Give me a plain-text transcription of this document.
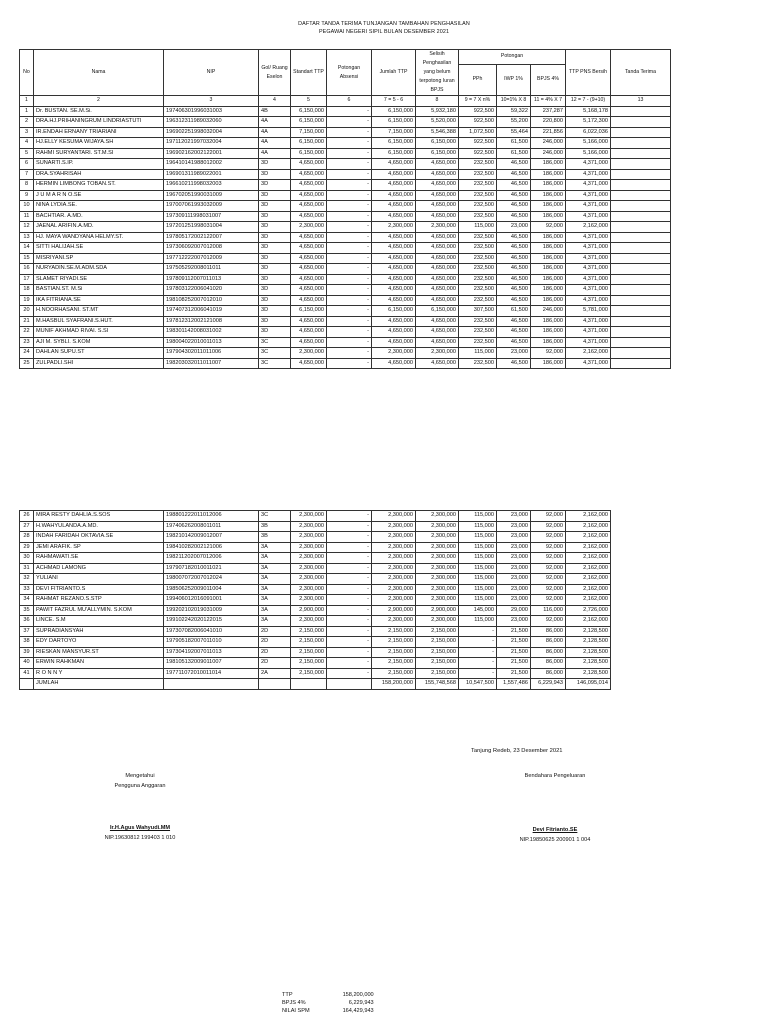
DAFTAR TANDA TERIMA TUNJANGAN TAMBAHAN PENGHASILAN
PEGAWAI NEGERI SIPIL BULAN DESEMBER 2021
No	Nama	NIP	Gol/ Ruang Eselon	Standart TTP	Potongan Absensi	Jumlah TTP	Selisih Penghasilan yang belum terpotong Iuran BPJS	Potongan			TTP PNS Bersih	Tanda Terima
								PPh	IWP 1%	BPJS 4%		
1	2	3	4	5	6	7 = 5 - 6	8	9 = 7 X n%	10=1% X 8	11 = 4% X 7	12 = 7 - (9+10)	13
1	Dr. BUSTAN. SE.M.Si.	197406301996031003	4B	6,150,000	-	6,150,000	5,932,180	922,500	59,322	237,287	5,168,178	
2	DRA.HJ.PRIHANINGRUM LINDRIASTUTI	196312311989032060	4A	6,150,000	-	6,150,000	5,520,000	922,500	55,200	220,800	5,172,300	
3	IR.ENDAH ERNANY TRIARIANI	196902251998032004	4A	7,150,000	-	7,150,000	5,546,388	1,072,500	55,464	221,856	6,022,036	
4	HJ.ELLY KESUMA WIJAYA.SH	197112021997032004	4A	6,150,000	-	6,150,000	6,150,000	922,500	61,500	246,000	5,166,000	
5	RAHMI SURYANTARI. ST.M.SI	196902162002122001	4A	6,150,000	-	6,150,000	6,150,000	922,500	61,500	246,000	5,166,000	
6	SUNARTI.S.IP.	196410141988012002	3D	4,650,000	-	4,650,000	4,650,000	232,500	46,500	186,000	4,371,000	
7	DRA.SYAHRISAH	196901311989022001	3D	4,650,000	-	4,650,000	4,650,000	232,500	46,500	186,000	4,371,000	
8	HERMIN LIMBONG TOBAN.ST.	196610211998032003	3D	4,650,000	-	4,650,000	4,650,000	232,500	46,500	186,000	4,371,000	
9	J U M A R N O.SE	196702051990031009	3D	4,650,000	-	4,650,000	4,650,000	232,500	46,500	186,000	4,371,000	
10	NINA LYDIA.SE.	197007061993032009	3D	4,650,000	-	4,650,000	4,650,000	232,500	46,500	186,000	4,371,000	
11	BACHTIAR. A.MD.	197309111998031007	3D	4,650,000	-	4,650,000	4,650,000	232,500	46,500	186,000	4,371,000	
12	JAENAL ARIFIN.A.MD.	197201251998031004	3D	2,300,000	-	2,300,000	2,300,000	115,000	23,000	92,000	2,162,000	
13	HJ. MAYA WANDYANA HELMY.ST.	197805172002122007	3D	4,650,000	-	4,650,000	4,650,000	232,500	46,500	186,000	4,371,000	
14	SITTI HALIJAH.SE	197306092007012008	3D	4,650,000	-	4,650,000	4,650,000	232,500	46,500	186,000	4,371,000	
15	MISRIYANI.SP	197712222007012009	3D	4,650,000	-	4,650,000	4,650,000	232,500	46,500	186,000	4,371,000	
16	NURYADIN.SE.M.ADM.SDA	197505292008011011	3D	4,650,000	-	4,650,000	4,650,000	232,500	46,500	186,000	4,371,000	
17	SLAMET RIYADI.SE	197809112007011013	3D	4,650,000	-	4,650,000	4,650,000	232,500	46,500	186,000	4,371,000	
18	BASTIAN.ST. M.Si	197803122006041020	3D	4,650,000	-	4,650,000	4,650,000	232,500	46,500	186,000	4,371,000	
19	IKA FITRIANA.SE	198108252007012010	3D	4,650,000	-	4,650,000	4,650,000	232,500	46,500	186,000	4,371,000	
20	H.NOORHASANI. ST.MT	197407312006041019	3D	6,150,000	-	6,150,000	6,150,000	307,500	61,500	246,000	5,781,000	
21	M.HASBUL SYAFRANI.S.HUT.	197812312002121008	3D	4,650,000	-	4,650,000	4,650,000	232,500	46,500	186,000	4,371,000	
22	MUNIF AKHMAD RIVAI. S.SI	198301142008031002	3D	4,650,000	-	4,650,000	4,650,000	232,500	46,500	186,000	4,371,000	
23	AJI M. SYBLI. S.KOM	198004022010011013	3C	4,650,000	-	4,650,000	4,650,000	232,500	46,500	186,000	4,371,000	
24	DAHLAN SUPU.ST	197904302011011006	3C	2,300,000	-	2,300,000	2,300,000	115,000	23,000	92,000	2,162,000	
25	ZULPADLI.SHI	198203032011011007	3C	4,650,000	-	4,650,000	4,650,000	232,500	46,500	186,000	4,371,000	
26	MIRA RESTY DAHLIA.S.SOS	198801222011012006	3C	2,300,000	-	2,300,000	2,300,000	115,000	23,000	92,000	2,162,000
27	H.WAHYULANDA.A.MD.	197406262008011011	3B	2,300,000	-	2,300,000	2,300,000	115,000	23,000	92,000	2,162,000
28	INDAH FARIDAH OKTAVIA.SE	198210142009012007	3B	2,300,000	-	2,300,000	2,300,000	115,000	23,000	92,000	2,162,000
29	JEMI ARAFIK. SP	198410282002121006	3A	2,300,000	-	2,300,000	2,300,000	115,000	23,000	92,000	2,162,000
30	RAHMAWATI.SE	198211202007012006	3A	2,300,000	-	2,300,000	2,300,000	115,000	23,000	92,000	2,162,000
31	ACHMAD LAMONG	197907182010011021	3A	2,300,000	-	2,300,000	2,300,000	115,000	23,000	92,000	2,162,000
32	YULIANI	198007072007012024	3A	2,300,000	-	2,300,000	2,300,000	115,000	23,000	92,000	2,162,000
33	DEVI FITRIANTO.S	198506252009011004	3A	2,300,000	-	2,300,000	2,300,000	115,000	23,000	92,000	2,162,000
34	RAHMAT REZANO.S.STP	199406012016091001	3A	2,300,000	-	2,300,000	2,300,000	115,000	23,000	92,000	2,162,000
35	PAWIT FAZRUL MU'ALLYMIN. S.KOM	199202102019031009	3A	2,900,000	-	2,900,000	2,900,000	145,000	29,000	116,000	2,726,000
36	LINCE. S.M	199102242020122015	3A	2,300,000	-	2,300,000	2,300,000	115,000	23,000	92,000	2,162,000
37	SUPRADIANSYAH	197307082006041010	2D	2,150,000	-	2,150,000	2,150,000	-	21,500	86,000	2,128,500
38	EDY DARTOYO	197905182007011010	2D	2,150,000	-	2,150,000	2,150,000	-	21,500	86,000	2,128,500
39	RIESKAN MANSYUR.ST	197304192007011013	2D	2,150,000	-	2,150,000	2,150,000	-	21,500	86,000	2,128,500
40	ERWIN RAHKMAN	198105132009011007	2D	2,150,000	-	2,150,000	2,150,000	-	21,500	86,000	2,128,500
41	R O N N Y	197711072010011014	2A	2,150,000	-	2,150,000	2,150,000	-	21,500	86,000	2,128,500
	JUMLAH					158,200,000	155,748,568	10,547,500	1,557,486	6,229,943	146,095,014
Tanjung Redeb, 23 Desember 2021
Mengetahui
Pengguna Anggaran
Ir.H.Agus Wahyudi.MM
NIP.19630812 199403 1 010
Bendahara Pengeluaran
Devi Fitrianto.SE
NIP.19850625 200901 1 004
TTP	158,200,000
BPJS 4%	6,229,943
NILAI SPM	164,429,943
